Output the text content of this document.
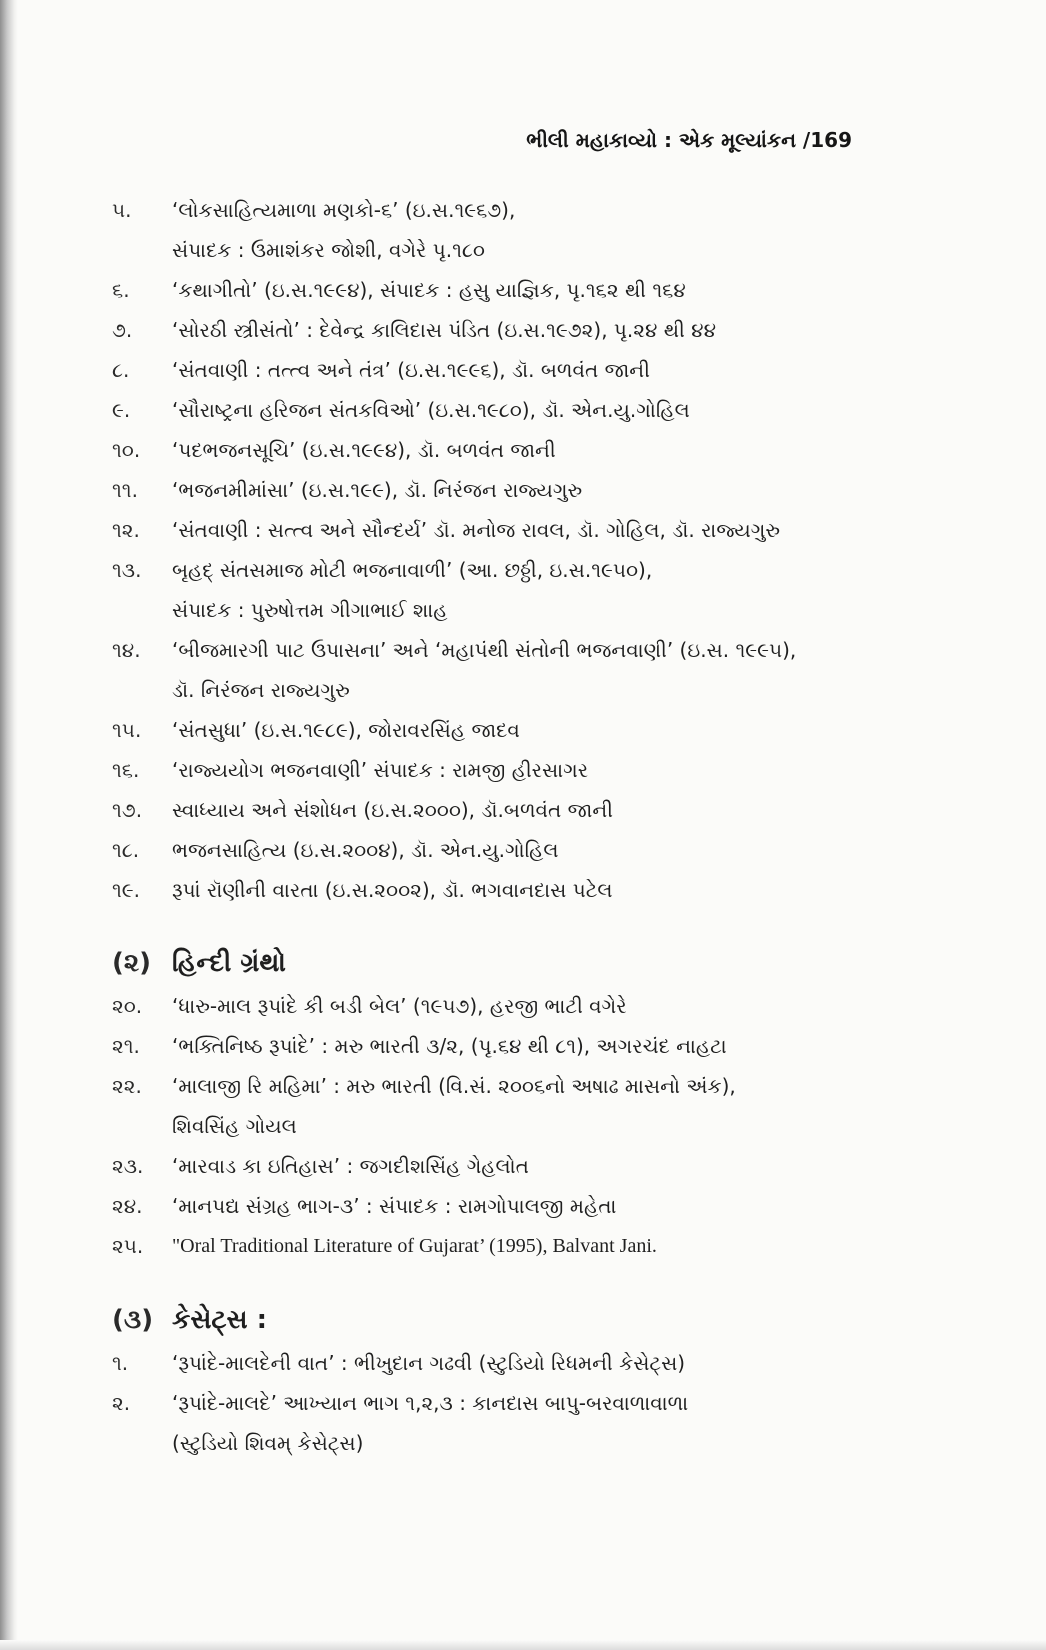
ભીલી મહાકાવ્યો : એક મૂલ્યાંકન /169
૫.	‘લોકસાહિત્યમાળા મણકો-૬’ (ઇ.સ.૧૯૬૭),
સંપાદક : ઉમાશંકર જોશી, વગેરે પૃ.૧૮૦
૬.	‘કથાગીતો’ (ઇ.સ.૧૯૯૪), સંપાદક : હસુ યાજ્ઞિક, પૃ.૧૬૨ થી ૧૬૪
૭.	‘સોરઠી સ્ત્રીસંતો’ : દેવેન્દ્ર કાલિદાસ પંડિત (ઇ.સ.૧૯૭૨), પૃ.૨૪ થી ૪૪
૮.	‘સંતવાણી : તત્ત્વ અને તંત્ર’ (ઇ.સ.૧૯૯૬), ડૉ. બળવંત જાની
૯.	‘સૌરાષ્ટ્રના હરિજન સંતકવિઓ’ (ઇ.સ.૧૯૮૦), ડૉ. એન.યુ.ગોહિલ
૧૦.	‘પદભજનસૂચિ’ (ઇ.સ.૧૯૯૪), ડૉ. બળવંત જાની
૧૧.	‘ભજનમીમાંસા’ (ઇ.સ.૧૯૯), ડૉ. નિરંજન રાજ્યગુરુ
૧૨.	‘સંતવાણી : સત્ત્વ અને સૌન્દર્ય’ ડૉ. મનોજ રાવલ, ડૉ. ગોહિલ, ડૉ. રાજ્યગુરુ
૧૩.	બૃહદ્ સંતસમાજ મોટી ભજનાવાળી’ (આ. છઠ્ઠી, ઇ.સ.૧૯૫૦),
સંપાદક : પુરુષોત્તમ ગીગાભાઈ શાહ
૧૪.	‘બીજમારગી પાટ ઉપાસના’ અને ‘મહાપંથી સંતોની ભજનવાણી’ (ઇ.સ. ૧૯૯૫),
ડૉ. નિરંજન રાજ્યગુરુ
૧૫.	‘સંતસુધા’ (ઇ.સ.૧૯૮૯), જોરાવરસિંહ જાદવ
૧૬.	‘રાજ્યયોગ ભજનવાણી’ સંપાદક : રામજી હીરસાગર
૧૭.	સ્વાધ્યાય અને સંશોધન (ઇ.સ.૨૦૦૦), ડૉ.બળવંત જાની
૧૮.	ભજનસાહિત્ય (ઇ.સ.૨૦૦૪), ડૉ. એન.યુ.ગોહિલ
૧૯.	રૂપાં રૉણીની વારતા (ઇ.સ.૨૦૦૨), ડૉ. ભગવાનદાસ પટેલ
(૨) હિન્દી ગ્રંથો
૨૦.	‘ધારુ-માલ રૂપાંદે કી બડી બેલ’ (૧૯૫૭), હરજી ભાટી વગેરે
૨૧.	‘ભક્તિનિષ્ઠ રૂપાંદે’ : મરુ ભારતી ૩/૨, (પૃ.૬૪ થી ૮૧), અગરચંદ નાહટા
૨૨.	‘માલાજી રિ મહિમા’ : મરુ ભારતી (વિ.સં. ૨૦૦૬નો અષાઢ માસનો અંક),
શિવસિંહ ગોયલ
૨૩.	‘મારવાડ કા ઇતિહાસ’ : જગદીશસિંહ ગેહલોત
૨૪.	‘માનપદ્ય સંગ્રહ ભાગ-૩’ : સંપાદક : રામગોપાલજી મહેતા
૨૫.	"Oral Traditional Literature of Gujarat’ (1995), Balvant Jani.
(૩) કેસેટ્સ :
૧.	‘રૂપાંદે-માલદેની વાત’ : ભીખુદાન ગઢવી (સ્ટુડિયો રિધમની કેસેટ્સ)
૨.	‘રૂપાંદે-માલદે’ આખ્યાન ભાગ ૧,૨,૩ : કાનદાસ બાપુ-બરવાળાવાળા
(સ્ટુડિયો શિવમ્ કેસેટ્સ)
